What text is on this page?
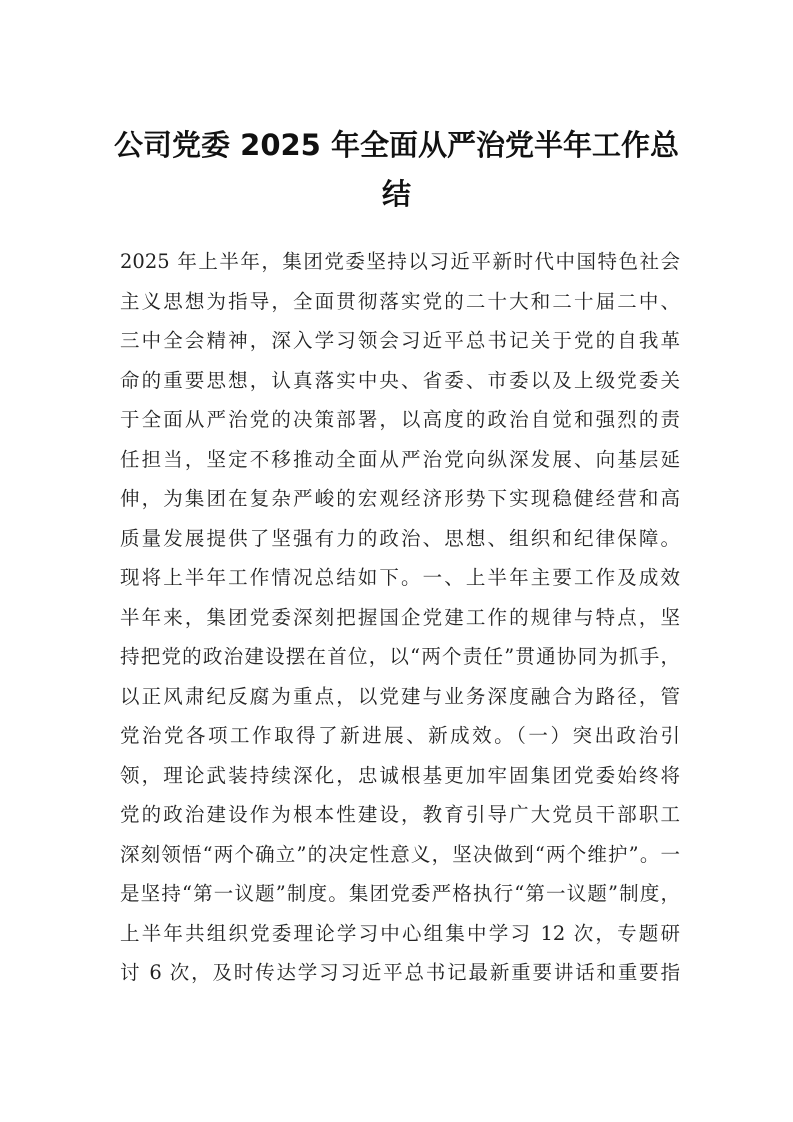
公司党委 2025 年全面从严治党半年工作总
结
2025 年上半年，集团党委坚持以习近平新时代中国特色社会
主义思想为指导，全面贯彻落实党的二十大和二十届二中、
三中全会精神，深入学习领会习近平总书记关于党的自我革
命的重要思想，认真落实中央、省委、市委以及上级党委关
于全面从严治党的决策部署，以高度的政治自觉和强烈的责
任担当，坚定不移推动全面从严治党向纵深发展、向基层延
伸，为集团在复杂严峻的宏观经济形势下实现稳健经营和高
质量发展提供了坚强有力的政治、思想、组织和纪律保障。
现将上半年工作情况总结如下。一、上半年主要工作及成效
半年来，集团党委深刻把握国企党建工作的规律与特点，坚
持把党的政治建设摆在首位，以“两个责任”贯通协同为抓手，
以正风肃纪反腐为重点，以党建与业务深度融合为路径，管
党治党各项工作取得了新进展、新成效。（一）突出政治引
领，理论武装持续深化，忠诚根基更加牢固集团党委始终将
党的政治建设作为根本性建设，教育引导广大党员干部职工
深刻领悟“两个确立”的决定性意义，坚决做到“两个维护”。一
是坚持“第一议题”制度。集团党委严格执行“第一议题”制度，
上半年共组织党委理论学习中心组集中学习 12 次，专题研
讨 6 次，及时传达学习习近平总书记最新重要讲话和重要指
